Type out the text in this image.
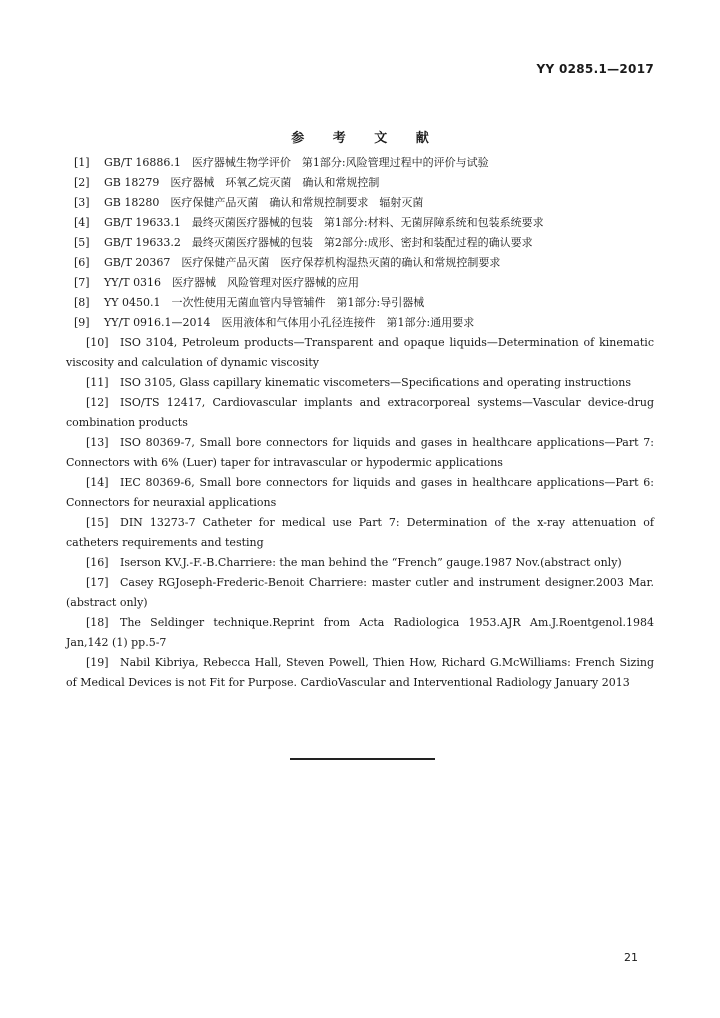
YY 0285.1—2017
参 考 文 献
[1] GB/T 16886.1　医疗器械生物学评价　第1部分:风险管理过程中的评价与试验
[2] GB 18279　医疗器械　环氧乙烷灭菌　确认和常规控制
[3] GB 18280　医疗保健产品灭菌　确认和常规控制要求　辐射灭菌
[4] GB/T 19633.1　最终灭菌医疗器械的包装　第1部分:材料、无菌屏障系统和包装系统要求
[5] GB/T 19633.2　最终灭菌医疗器械的包装　第2部分:成形、密封和装配过程的确认要求
[6] GB/T 20367　医疗保健产品灭菌　医疗保荐机构湿热灭菌的确认和常规控制要求
[7] YY/T 0316　医疗器械　风险管理对医疗器械的应用
[8] YY 0450.1　一次性使用无菌血管内导管辅件　第1部分:导引器械
[9] YY/T 0916.1—2014　医用液体和气体用小孔径连接件　第1部分:通用要求
[10] ISO 3104, Petroleum products—Transparent and opaque liquids—Determination of kinematic viscosity and calculation of dynamic viscosity
[11] ISO 3105, Glass capillary kinematic viscometers—Specifications and operating instructions
[12] ISO/TS 12417, Cardiovascular implants and extracorporeal systems—Vascular device-drug combination products
[13] ISO 80369-7, Small bore connectors for liquids and gases in healthcare applications—Part 7: Connectors with 6% (Luer) taper for intravascular or hypodermic applications
[14] IEC 80369-6, Small bore connectors for liquids and gases in healthcare applications—Part 6: Connectors for neuraxial applications
[15] DIN 13273-7 Catheter for medical use Part 7: Determination of the x-ray attenuation of catheters requirements and testing
[16] Iserson KV.J.-F.-B.Charriere: the man behind the “French” gauge.1987 Nov.(abstract only)
[17] Casey RGJoseph-Frederic-Benoit Charriere: master cutler and instrument designer.2003 Mar.(abstract only)
[18] The Seldinger technique.Reprint from Acta Radiologica 1953.AJR Am.J.Roentgenol.1984 Jan,142 (1) pp.5-7
[19] Nabil Kibriya, Rebecca Hall, Steven Powell, Thien How, Richard G.McWilliams: French Sizing of Medical Devices is not Fit for Purpose. CardioVascular and Interventional Radiology January 2013
21
